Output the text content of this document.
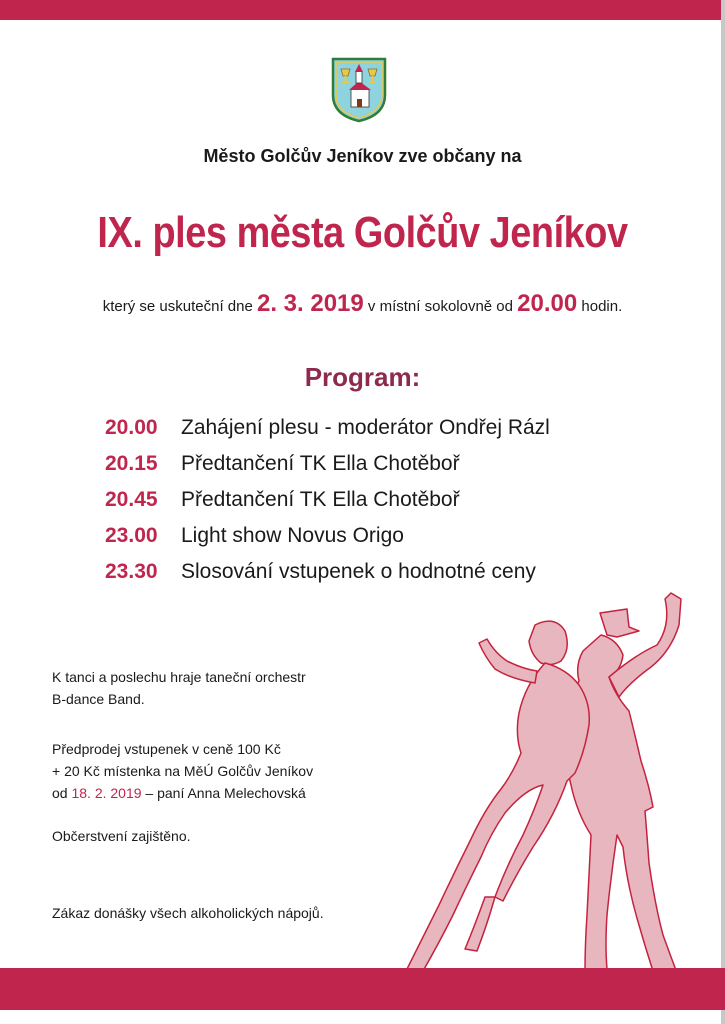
Město Golčův Jeníkov zve občany na
IX. ples města Golčův Jeníkov
který se uskuteční dne 2. 3. 2019 v místní sokolovně od 20.00 hodin.
Program:
20.00	Zahájení plesu - moderátor Ondřej Rázl
20.15	Předtančení TK Ella Chotěboř
20.45	Předtančení TK Ella Chotěboř
23.00	Light show Novus Origo
23.30	Slosování vstupenek o hodnotné ceny
K tanci a poslechu hraje taneční orchestr
B-dance Band.
Předprodej vstupenek v ceně 100 Kč
+ 20 Kč místenka na MěÚ Golčův Jeníkov
od 18. 2. 2019 – paní Anna Melechovská
Občerstvení zajištěno.
Zákaz donášky všech alkoholických nápojů.
